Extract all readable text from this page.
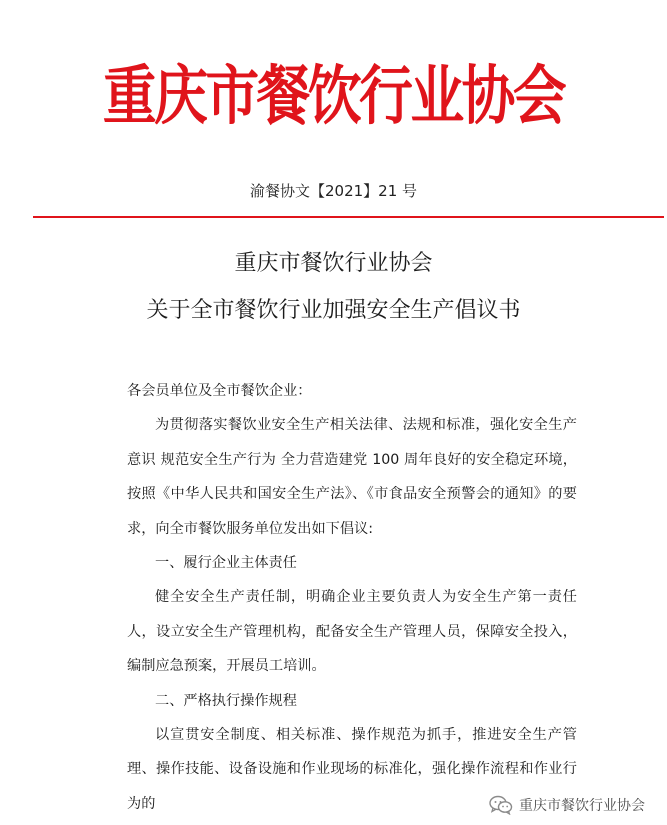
重庆市餐饮行业协会
渝餐协文【2021】21 号
重庆市餐饮行业协会
关于全市餐饮行业加强安全生产倡议书

各会员单位及全市餐饮企业：

为贯彻落实餐饮业安全生产相关法律、法规和标准，强化安全生产意识 规范安全生产行为 全力营造建党 100 周年良好的安全稳定环境，按照《中华人民共和国安全生产法》、《市食品安全预警会的通知》的要求，向全市餐饮服务单位发出如下倡议:

一、履行企业主体责任

健全安全生产责任制，明确企业主要负责人为安全生产第一责任人，设立安全生产管理机构，配备安全生产管理人员，保障安全投入，编制应急预案，开展员工培训。

二、严格执行操作规程

以宣贯安全制度、相关标准、操作规范为抓手，推进安全生产管理、操作技能、设备设施和作业现场的标准化，强化操作流程和作业行为的	重庆市餐饮行业协会
